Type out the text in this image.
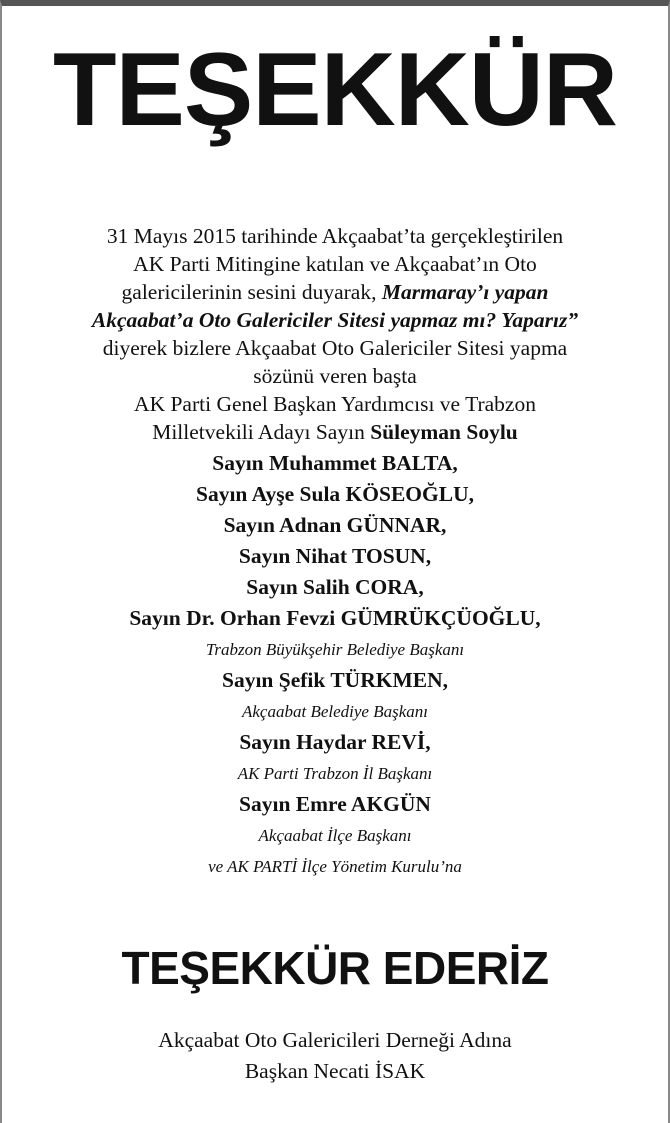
TEŞEKKÜR

31 Mayıs 2015 tarihinde Akçaabat’ta gerçekleştirilen

AK Parti Mitingine katılan ve Akçaabat’ın Oto

galericilerinin sesini duyarak, Marmaray’ı yapan

Akçaabat’a Oto Galericiler Sitesi yapmaz mı? Yaparız”

diyerek bizlere Akçaabat Oto Galericiler Sitesi yapma

sözünü veren başta

AK Parti Genel Başkan Yardımcısı ve Trabzon

Milletvekili Adayı Sayın Süleyman Soylu

Sayın Muhammet BALTA,

Sayın Ayşe Sula KÖSEOĞLU,

Sayın Adnan GÜNNAR,

Sayın Nihat TOSUN,

Sayın Salih CORA,

Sayın Dr. Orhan Fevzi GÜMRÜKÇÜOĞLU,

Trabzon Büyükşehir Belediye Başkanı

Sayın Şefik TÜRKMEN,

Akçaabat Belediye Başkanı

Sayın Haydar REVİ,

AK Parti Trabzon İl Başkanı

Sayın Emre AKGÜN

Akçaabat İlçe Başkanı

ve AK PARTİ İlçe Yönetim Kurulu’na

TEŞEKKÜR EDERİZ

Akçaabat Oto Galericileri Derneği Adına

Başkan Necati İSAK
